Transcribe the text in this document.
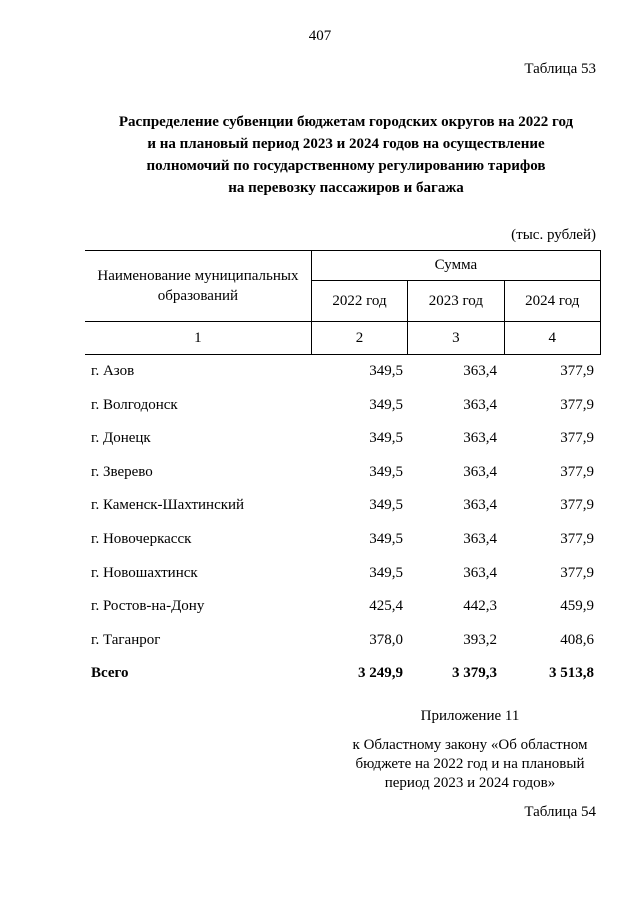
407
Таблица 53
Распределение субвенции бюджетам городских округов на 2022 год
и на плановый период 2023 и 2024 годов на осуществление
полномочий по государственному регулированию тарифов
на перевозку пассажиров и багажа
(тыс. рублей)
Наименование муниципальных образований	Сумма		
	2022 год	2023 год	2024 год
1	2	3	4
г. Азов	349,5	363,4	377,9
г. Волгодонск	349,5	363,4	377,9
г. Донецк	349,5	363,4	377,9
г. Зверево	349,5	363,4	377,9
г. Каменск-Шахтинский	349,5	363,4	377,9
г. Новочеркасск	349,5	363,4	377,9
г. Новошахтинск	349,5	363,4	377,9
г. Ростов-на-Дону	425,4	442,3	459,9
г. Таганрог	378,0	393,2	408,6
Всего	3 249,9	3 379,3	3 513,8
Приложение 11
к Областному закону «Об областном
бюджете на 2022 год и на плановый
период 2023 и 2024 годов»
Таблица 54
